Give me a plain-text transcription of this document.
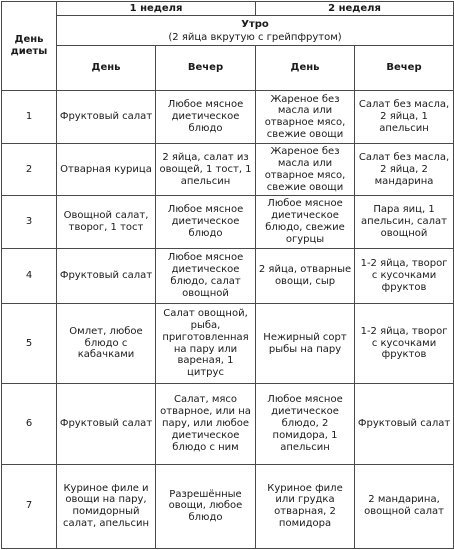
День диеты	1 неделя		2 неделя	

	Утро
(2 яйца вкрутую с грейпфрутом)			

	День	Вечер	День	Вечер
1	Фруктовый салат	Любое мясное диетическое блюдо	Жареное без масла или отварное мясо, свежие овощи	Салат без масла, 2 яйца, 1 апельсин
2	Отварная курица	2 яйца, салат из овощей, 1 тост, 1 апельсин	Жареное без масла или отварное мясо, свежие овощи	Салат без масла, 2 яйца, 2 мандарина
3	Овощной салат, творог, 1 тост	Любое мясное диетическое блюдо	Любое мясное диетическое блюдо, свежие огурцы	Пара яиц, 1 апельсин, салат овощной
4	Фруктовый салат	Любое мясное диетическое блюдо, салат овощной	2 яйца, отварные овощи, сыр	1-2 яйца, творог с кусочками фруктов
5	Омлет, любое блюдо с кабачками	Салат овощной, рыба, приготовленная на пару или вареная, 1 цитрус	Нежирный сорт рыбы на пару	1-2 яйца, творог с кусочками фруктов
6	Фруктовый салат	Салат, мясо отварное, или на пару, или любое диетическое блюдо с ним	Любое мясное диетическое блюдо, 2 помидора, 1 апельсин	Фруктовый салат
7	Куриное филе и овощи на пару, помидорный салат, апельсин	Разрешённые овощи, любое блюдо	Куриное филе или грудка отварная, 2 помидора	2 мандарина, овощной салат
